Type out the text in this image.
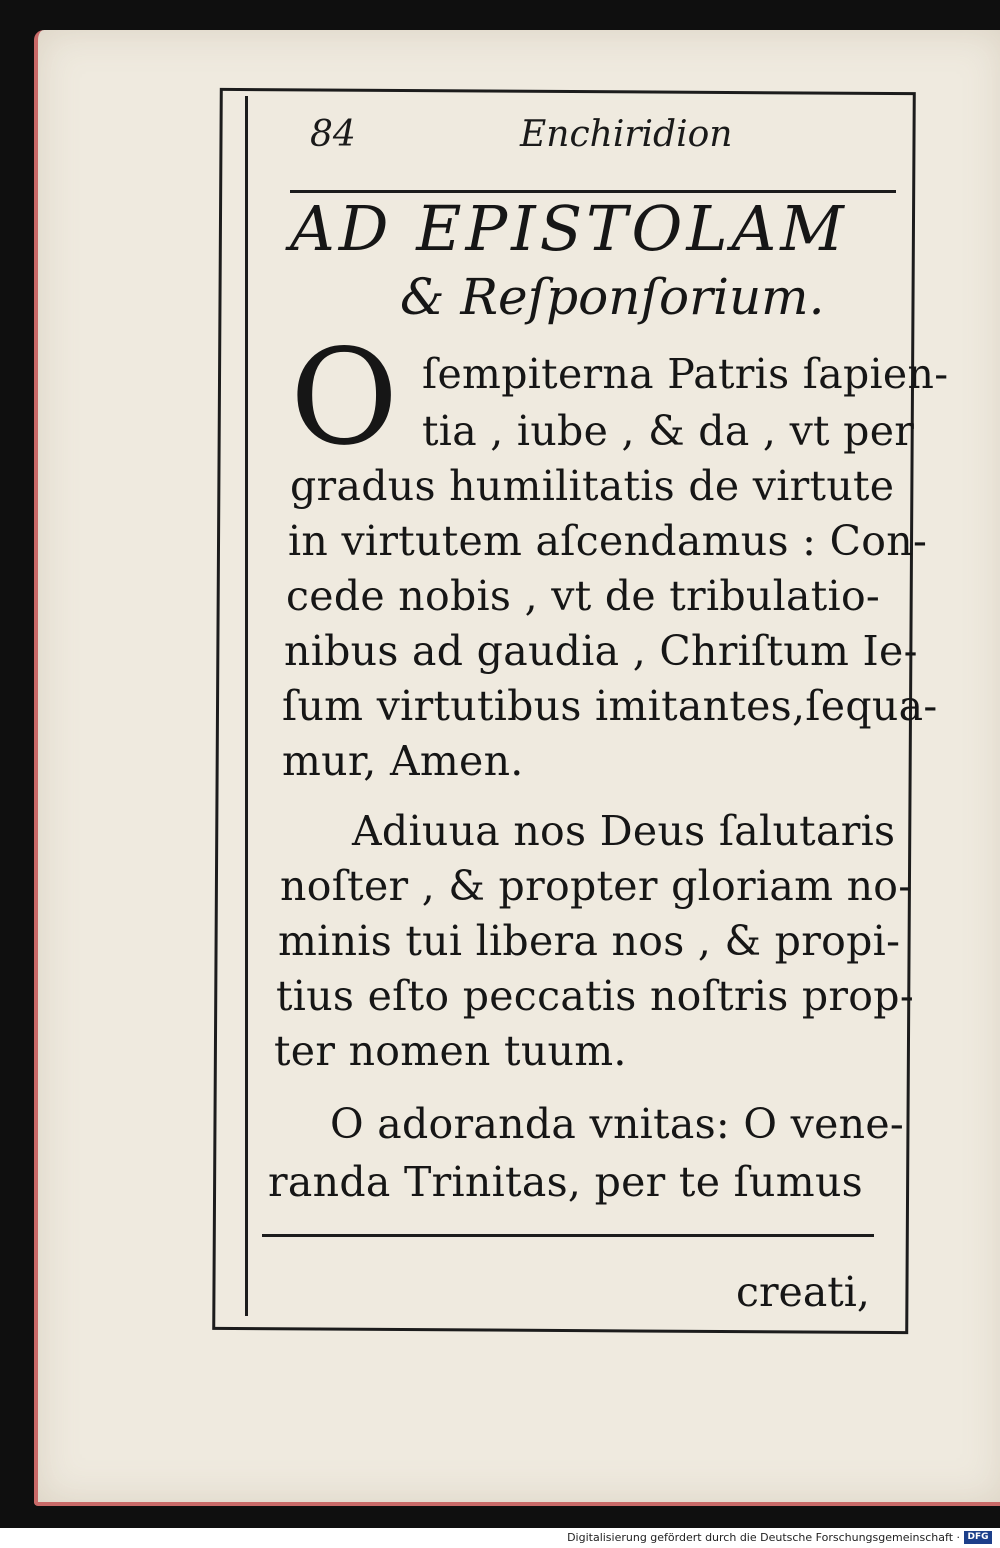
84	Enchiridion
AD EPISTOLAM
& Reſponſorium.
O ſempiterna Patris ſapien-
tia , iube , & da , vt per
gradus humilitatis de virtute
in virtutem aſcendamus : Con-
cede nobis , vt de tribulatio-
nibus ad gaudia , Chriſtum Ie-
ſum virtutibus imitantes,ſequa-
mur, Amen.
Adiuua nos Deus ſalutaris
noſter , & propter gloriam no-
minis tui libera nos , & propi-
tius eſto peccatis noſtris prop-
ter nomen tuum.
O adoranda vnitas: O vene-
randa Trinitas, per te ſumus
creati,
Digitalisierung gefördert durch die Deutsche Forschungsgemeinschaft · DFG
